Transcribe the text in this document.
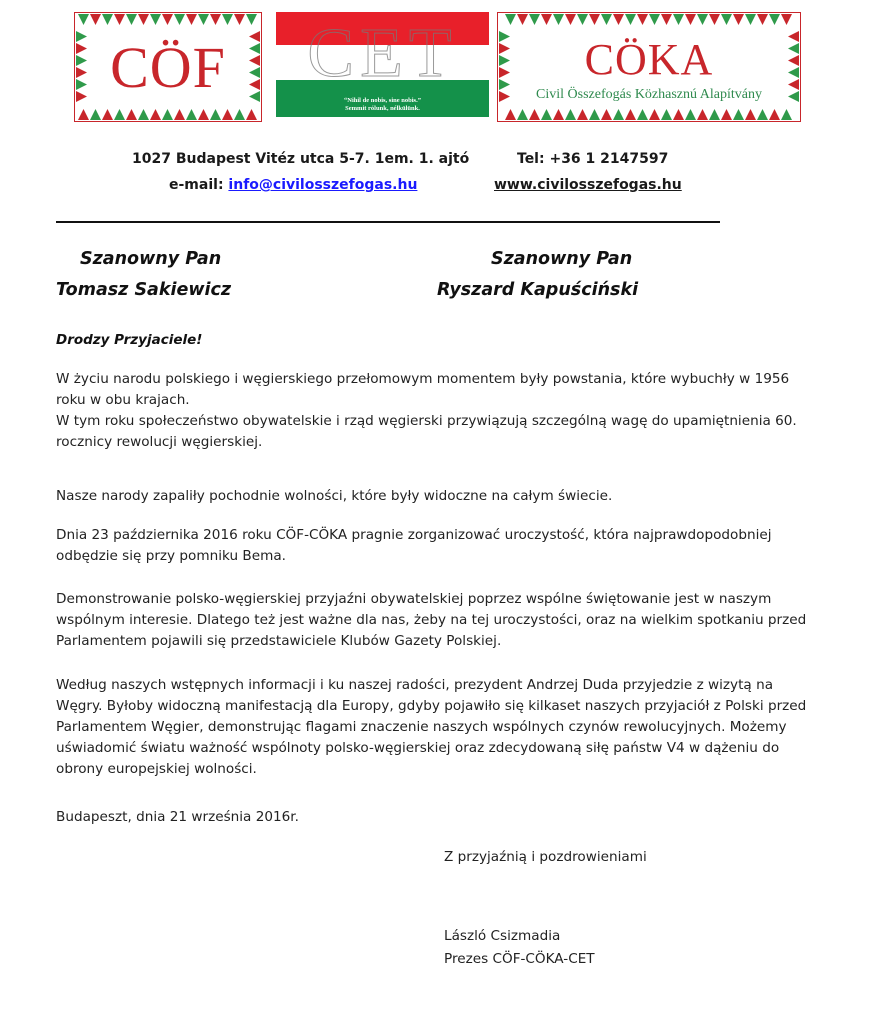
CÖF	CET
“Nihil de nobis, sine nobis.”
Semmit rólunk, nélkülünk.
CÖKA
Civil Összefogás Közhasznú Alapítvány
1027 Budapest Vitéz utca 5-7. 1em. 1. ajtó	Tel: +36 1 2147597
e-mail: info@civilosszefogas.hu	www.civilosszefogas.hu
Szanowny Pan
Tomasz Sakiewicz
Szanowny Pan
Ryszard Kapuściński
Drodzy Przyjaciele!
W życiu narodu polskiego i węgierskiego przełomowym momentem były powstania, które wybuchły w 1956
roku w obu krajach.
W tym roku społeczeństwo obywatelskie i rząd węgierski przywiązują szczególną wagę do upamiętnienia 60.
rocznicy rewolucji węgierskiej.
Nasze narody zapaliły pochodnie wolności, które były widoczne na całym świecie.
Dnia 23 października 2016 roku CÖF-CÖKA pragnie zorganizować uroczystość, która najprawdopodobniej
odbędzie się przy pomniku Bema.
Demonstrowanie polsko-węgierskiej przyjaźni obywatelskiej poprzez wspólne świętowanie jest w naszym
wspólnym interesie. Dlatego też jest ważne dla nas, żeby na tej uroczystości, oraz na wielkim spotkaniu przed
Parlamentem pojawili się przedstawiciele Klubów Gazety Polskiej.
Według naszych wstępnych informacji i ku naszej radości, prezydent Andrzej Duda przyjedzie z wizytą na
Węgry. Byłoby widoczną manifestacją dla Europy, gdyby pojawiło się kilkaset naszych przyjaciół z Polski przed
Parlamentem Węgier, demonstrując flagami znaczenie naszych wspólnych czynów rewolucyjnych. Możemy
uświadomić światu ważność wspólnoty polsko-węgierskiej oraz zdecydowaną siłę państw V4 w dążeniu do
obrony europejskiej wolności.
Budapeszt, dnia 21 września 2016r.
Z przyjaźnią i pozdrowieniami
László Csizmadia
Prezes CÖF-CÖKA-CET
